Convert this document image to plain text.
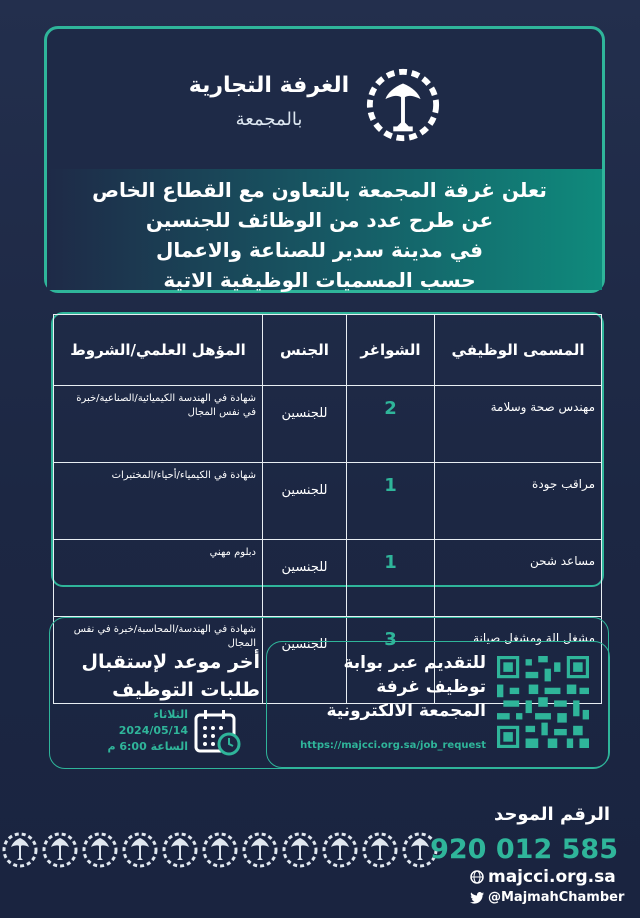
الغرفة التجارية
بالمجمعة
تعلن غرفة المجمعة بالتعاون مع القطاع الخاص
عن طرح عدد من الوظائف للجنسين
في مدينة سدير للصناعة والاعمال
حسب المسميات الوظيفية الاتية
المسمى الوظيفي	الشواغر	الجنس	المؤهل العلمي/الشروط
مهندس صحة وسلامة	2	للجنسين	شهادة في الهندسة الكيميائية/الصناعية/خبرة في نفس المجال
مراقب جودة	1	للجنسين	شهادة في الكيمياء/أحياء/المختبرات
مساعد شحن	1	للجنسين	دبلوم مهني
مشغل الة ومشغل صيانة	3	للجنسين	شهادة في الهندسة/المحاسبة/خبرة في نفس المجال
للتقديم عبر بوابة
توظيف غرفة
المجمعة الالكترونية
https://majcci.org.sa/job_request
أخر موعد لإستقبال
طلبات التوظيف
الثلاثاء
2024/05/14
الساعة 6:00 م
الرقم الموحد
920 012 585
majcci.org.sa
@MajmahChamber
